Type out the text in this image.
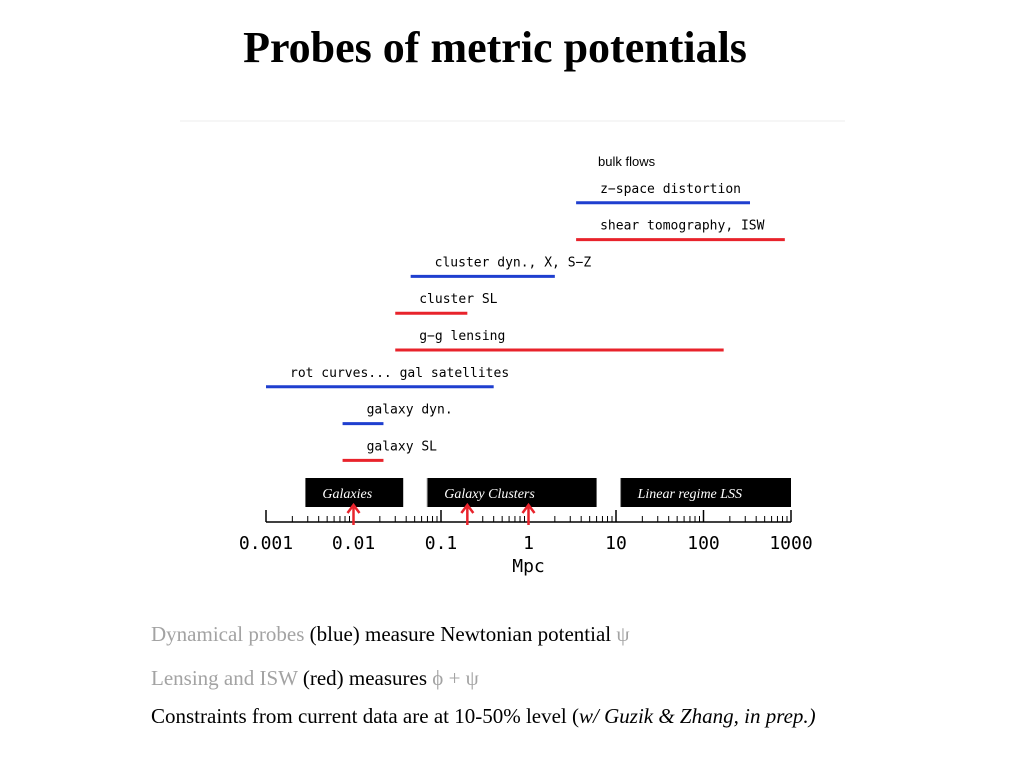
Probes of metric potentials
bulk flows
z−space distortion
shear tomography, ISW
cluster dyn., X, S−Z
cluster SL
g−g lensing
rot curves... gal satellites
galaxy dyn.
galaxy SL
Galaxies	Galaxy Clusters	Linear regime LSS
0.001 0.01	0.1	1	10	100	1000
Mpc
Dynamical probes (blue) measure Newtonian potential ψ
Lensing and ISW (red) measures ϕ + ψ
Constraints from current data are at 10-50% level (w/ Guzik & Zhang, in prep.)
